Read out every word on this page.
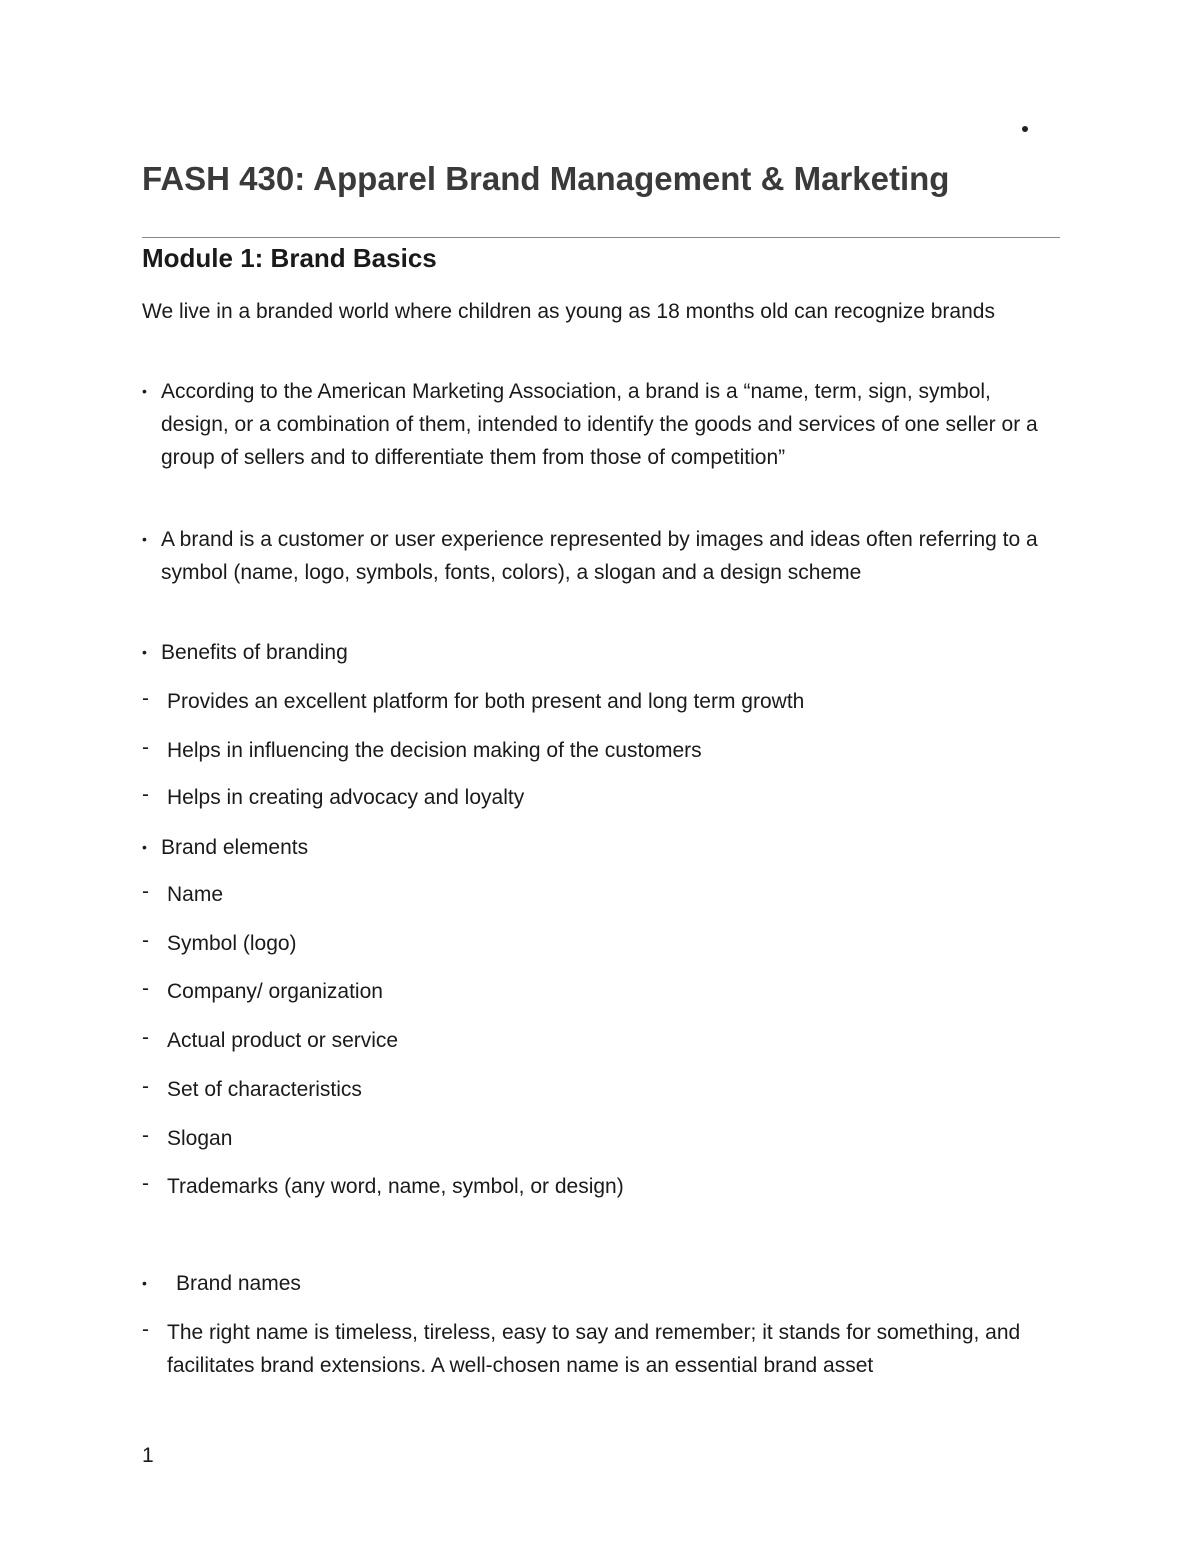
FASH 430: Apparel Brand Management & Marketing
Module 1: Brand Basics

We live in a branded world where children as young as 18 months old can recognize brands

• According to the American Marketing Association, a brand is a “name, term, sign, symbol, design, or a combination of them, intended to identify the goods and services of one seller or a group of sellers and to differentiate them from those of competition”
• A brand is a customer or user experience represented by images and ideas often referring to a symbol (name, logo, symbols, fonts, colors), a slogan and a design scheme
• Benefits of branding
- Provides an excellent platform for both present and long term growth
- Helps in influencing the decision making of the customers
- Helps in creating advocacy and loyalty
• Brand elements
- Name
- Symbol (logo)
- Company/ organization
- Actual product or service
- Set of characteristics
- Slogan
- Trademarks (any word, name, symbol, or design)
•	Brand names
- The right name is timeless, tireless, easy to say and remember; it stands for something, and facilitates brand extensions. A well-chosen name is an essential brand asset
1
